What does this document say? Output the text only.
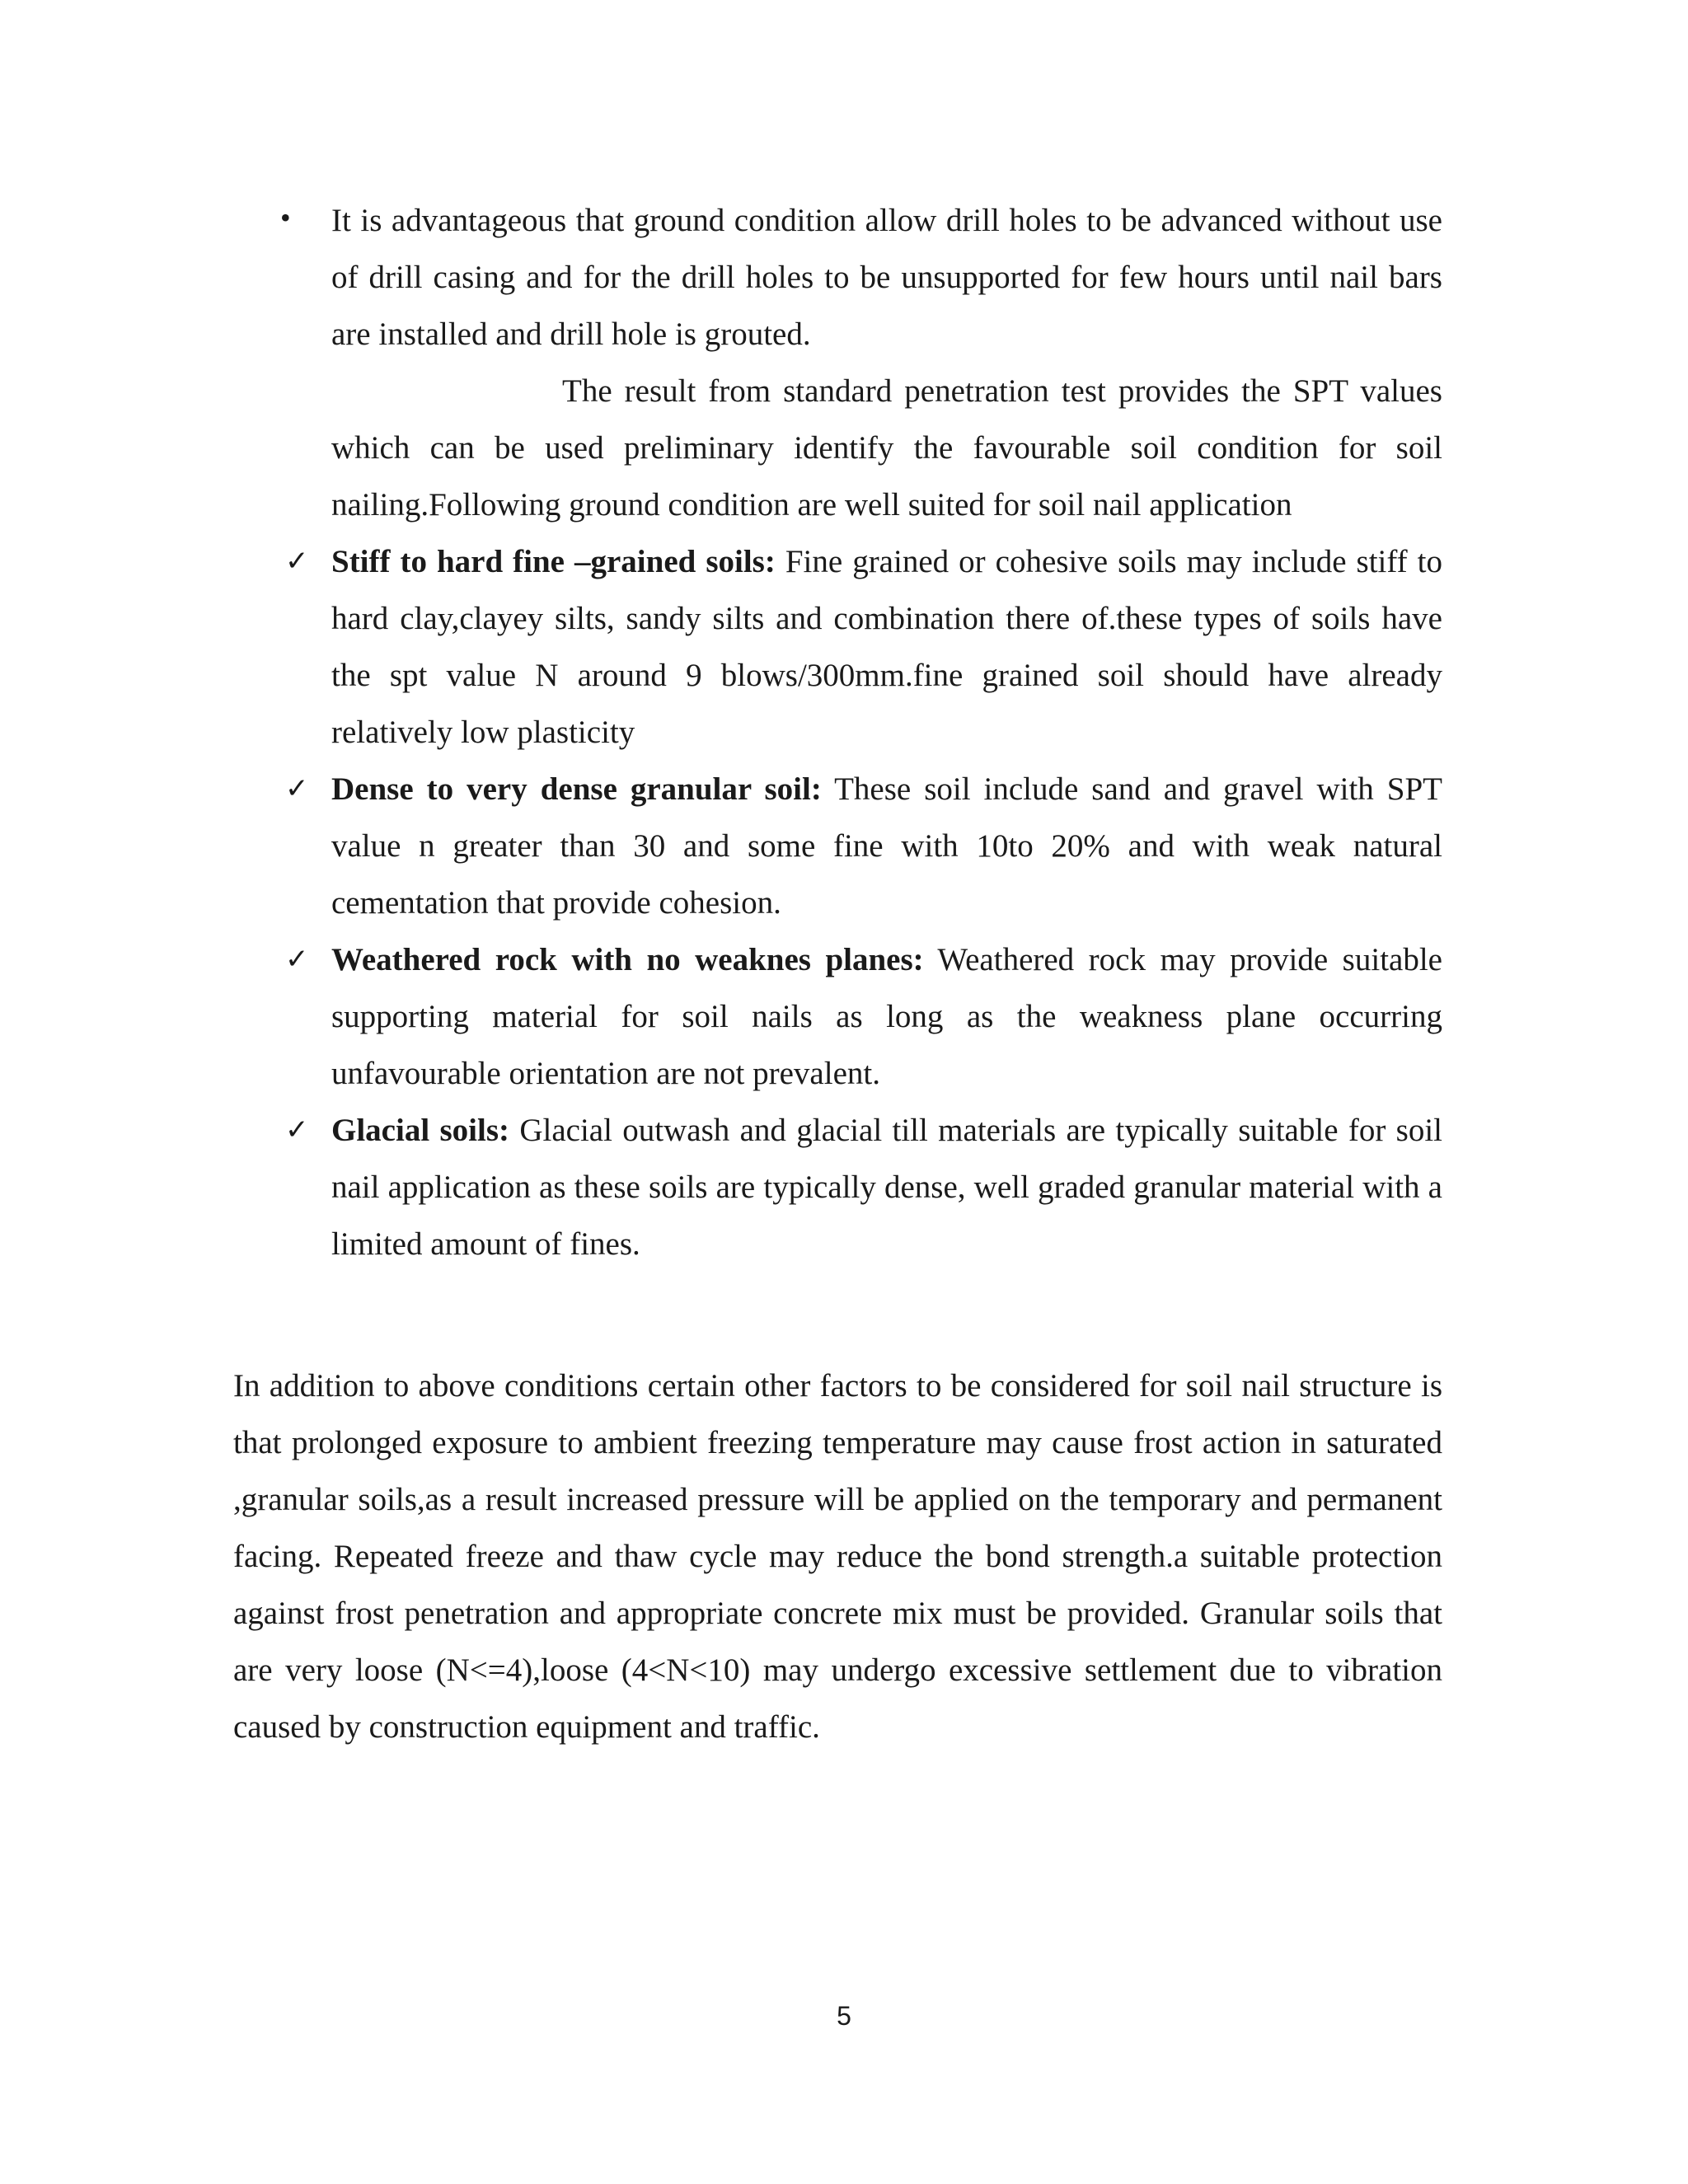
• It is advantageous that ground condition allow drill holes to be advanced without use of drill casing and for the drill holes to be unsupported for few hours until nail bars are installed and drill hole is grouted.

The result from standard penetration test provides the SPT values which can be used preliminary identify the favourable soil condition for soil nailing.Following ground condition are well suited for soil nail application

✓ Stiff to hard fine –grained soils: Fine grained or cohesive soils may include stiff to hard clay,clayey silts, sandy silts and combination there of.these types of soils have the spt value N around 9 blows/300mm.fine grained soil should have already relatively low plasticity
✓ Dense to very dense granular soil: These soil include sand and gravel with SPT value n greater than 30 and some fine with 10to 20% and with weak natural cementation that provide cohesion.
✓ Weathered rock with no weaknes planes: Weathered rock may provide suitable supporting material for soil nails as long as the weakness plane occurring unfavourable orientation are not prevalent.
✓ Glacial soils: Glacial outwash and glacial till materials are typically suitable for soil nail application as these soils are typically dense, well graded granular material with a limited amount of fines.

In addition to above conditions certain other factors to be considered for soil nail structure is that prolonged exposure to ambient freezing temperature may cause frost action in saturated ,granular soils,as a result increased pressure will be applied on the temporary and permanent facing. Repeated freeze and thaw cycle may reduce the bond strength.a suitable protection against frost penetration and appropriate concrete mix must be provided. Granular soils that are very loose (N<=4),loose (4<N<10) may undergo excessive settlement due to vibration caused by construction equipment and traffic.

5
